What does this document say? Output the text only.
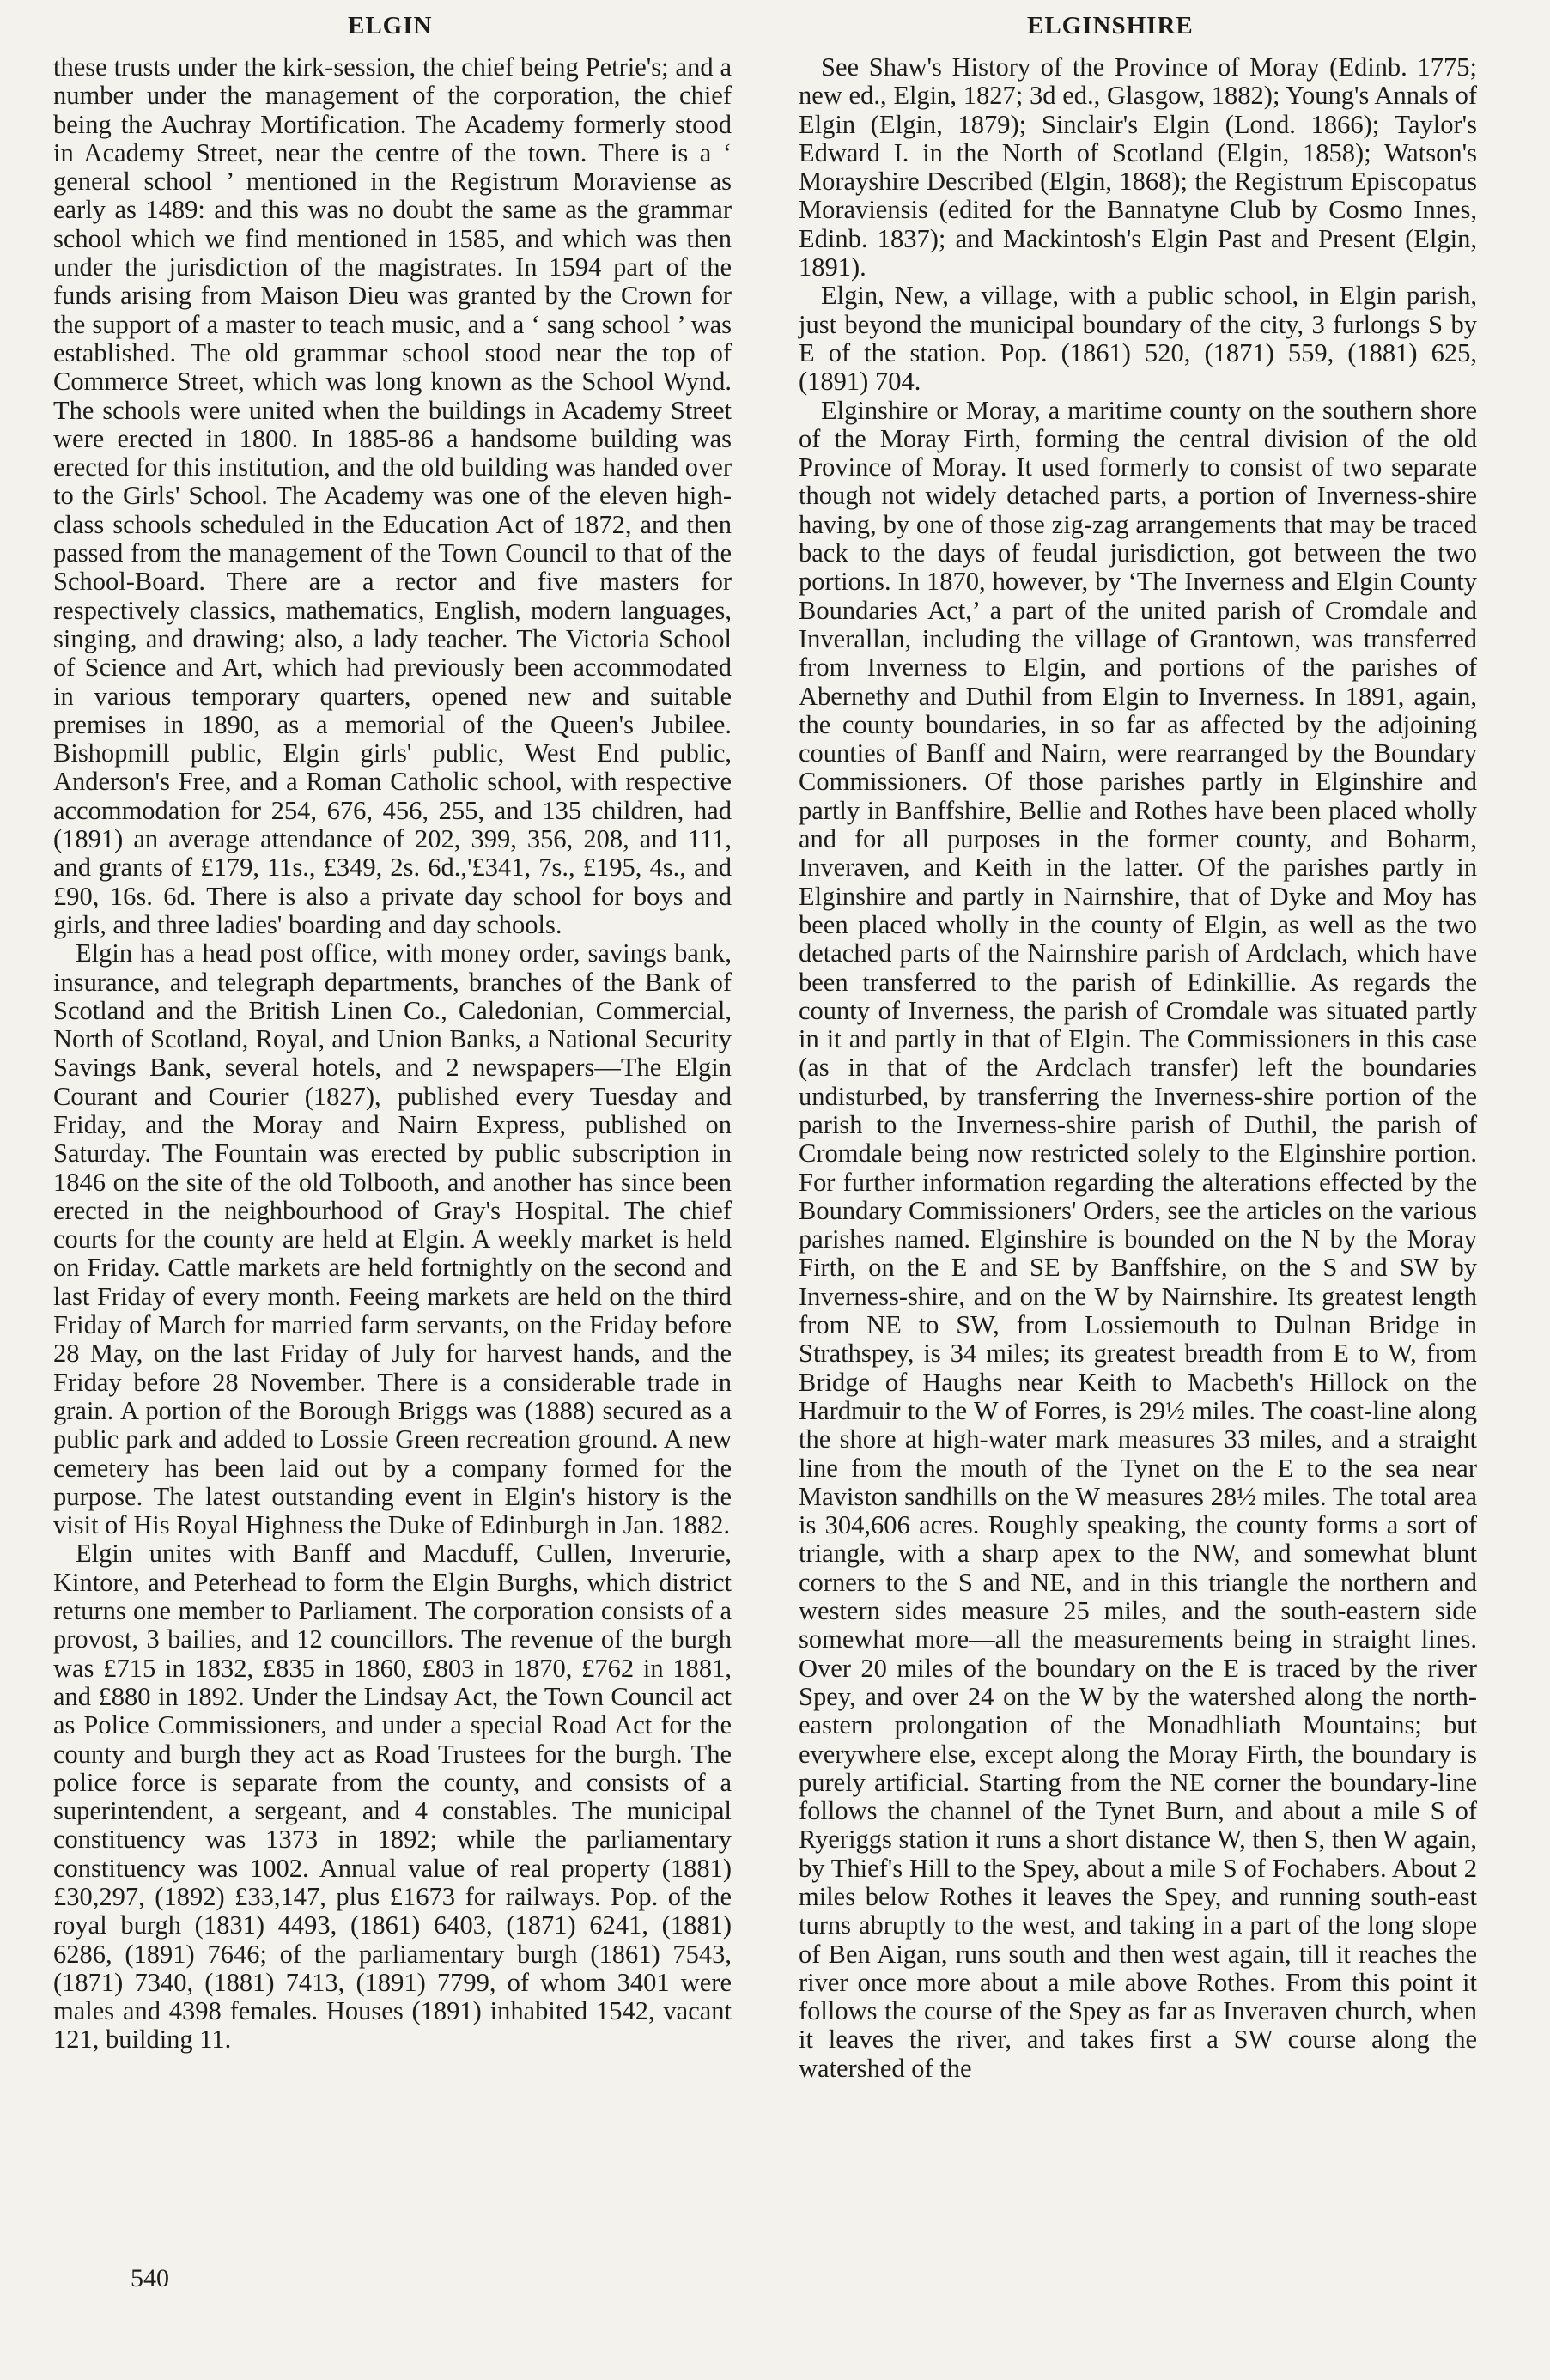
ELGIN	ELGINSHIRE

these trusts under the kirk-session, the chief being Petrie's; and a number under the management of the corporation, the chief being the Auchray Mortification. The Academy formerly stood in Academy Street, near the centre of the town. There is a ‘ general school ’ mentioned in the Registrum Moraviense as early as 1489: and this was no doubt the same as the grammar school which we find mentioned in 1585, and which was then under the jurisdiction of the magistrates. In 1594 part of the funds arising from Maison Dieu was granted by the Crown for the support of a master to teach music, and a ‘ sang school ’ was established. The old grammar school stood near the top of Commerce Street, which was long known as the School Wynd. The schools were united when the buildings in Academy Street were erected in 1800. In 1885-86 a handsome building was erected for this institution, and the old building was handed over to the Girls' School. The Academy was one of the eleven high-class schools scheduled in the Education Act of 1872, and then passed from the management of the Town Council to that of the School-Board. There are a rector and five masters for respectively classics, mathematics, English, modern languages, singing, and drawing; also, a lady teacher. The Victoria School of Science and Art, which had previously been accommodated in various temporary quarters, opened new and suitable premises in 1890, as a memorial of the Queen's Jubilee. Bishopmill public, Elgin girls' public, West End public, Anderson's Free, and a Roman Catholic school, with respective accommodation for 254, 676, 456, 255, and 135 children, had (1891) an average attendance of 202, 399, 356, 208, and 111, and grants of £179, 11s., £349, 2s. 6d.,'£341, 7s., £195, 4s., and £90, 16s. 6d. There is also a private day school for boys and girls, and three ladies' boarding and day schools.

Elgin has a head post office, with money order, savings bank, insurance, and telegraph departments, branches of the Bank of Scotland and the British Linen Co., Caledonian, Commercial, North of Scotland, Royal, and Union Banks, a National Security Savings Bank, several hotels, and 2 newspapers—The Elgin Courant and Courier (1827), published every Tuesday and Friday, and the Moray and Nairn Express, published on Saturday. The Fountain was erected by public subscription in 1846 on the site of the old Tolbooth, and another has since been erected in the neighbourhood of Gray's Hospital. The chief courts for the county are held at Elgin. A weekly market is held on Friday. Cattle markets are held fortnightly on the second and last Friday of every month. Feeing markets are held on the third Friday of March for married farm servants, on the Friday before 28 May, on the last Friday of July for harvest hands, and the Friday before 28 November. There is a considerable trade in grain. A portion of the Borough Briggs was (1888) secured as a public park and added to Lossie Green recreation ground. A new cemetery has been laid out by a company formed for the purpose. The latest outstanding event in Elgin's history is the visit of His Royal Highness the Duke of Edinburgh in Jan. 1882.

Elgin unites with Banff and Macduff, Cullen, Inverurie, Kintore, and Peterhead to form the Elgin Burghs, which district returns one member to Parliament. The corporation consists of a provost, 3 bailies, and 12 councillors. The revenue of the burgh was £715 in 1832, £835 in 1860, £803 in 1870, £762 in 1881, and £880 in 1892. Under the Lindsay Act, the Town Council act as Police Commissioners, and under a special Road Act for the county and burgh they act as Road Trustees for the burgh. The police force is separate from the county, and consists of a superintendent, a sergeant, and 4 constables. The municipal constituency was 1373 in 1892; while the parliamentary constituency was 1002. Annual value of real property (1881) £30,297, (1892) £33,147, plus £1673 for railways. Pop. of the royal burgh (1831) 4493, (1861) 6403, (1871) 6241, (1881) 6286, (1891) 7646; of the parliamentary burgh (1861) 7543, (1871) 7340, (1881) 7413, (1891) 7799, of whom 3401 were males and 4398 females. Houses (1891) inhabited 1542, vacant 121, building 11.

See Shaw's History of the Province of Moray (Edinb. 1775; new ed., Elgin, 1827; 3d ed., Glasgow, 1882); Young's Annals of Elgin (Elgin, 1879); Sinclair's Elgin (Lond. 1866); Taylor's Edward I. in the North of Scotland (Elgin, 1858); Watson's Morayshire Described (Elgin, 1868); the Registrum Episcopatus Moraviensis (edited for the Bannatyne Club by Cosmo Innes, Edinb. 1837); and Mackintosh's Elgin Past and Present (Elgin, 1891).

Elgin, New, a village, with a public school, in Elgin parish, just beyond the municipal boundary of the city, 3 furlongs S by E of the station. Pop. (1861) 520, (1871) 559, (1881) 625, (1891) 704.

Elginshire or Moray, a maritime county on the southern shore of the Moray Firth, forming the central division of the old Province of Moray. It used formerly to consist of two separate though not widely detached parts, a portion of Inverness-shire having, by one of those zig-zag arrangements that may be traced back to the days of feudal jurisdiction, got between the two portions. In 1870, however, by ‘The Inverness and Elgin County Boundaries Act,’ a part of the united parish of Cromdale and Inverallan, including the village of Grantown, was transferred from Inverness to Elgin, and portions of the parishes of Abernethy and Duthil from Elgin to Inverness. In 1891, again, the county boundaries, in so far as affected by the adjoining counties of Banff and Nairn, were rearranged by the Boundary Commissioners. Of those parishes partly in Elginshire and partly in Banffshire, Bellie and Rothes have been placed wholly and for all purposes in the former county, and Boharm, Inveraven, and Keith in the latter. Of the parishes partly in Elginshire and partly in Nairnshire, that of Dyke and Moy has been placed wholly in the county of Elgin, as well as the two detached parts of the Nairnshire parish of Ardclach, which have been transferred to the parish of Edinkillie. As regards the county of Inverness, the parish of Cromdale was situated partly in it and partly in that of Elgin. The Commissioners in this case (as in that of the Ardclach transfer) left the boundaries undisturbed, by transferring the Inverness-shire portion of the parish to the Inverness-shire parish of Duthil, the parish of Cromdale being now restricted solely to the Elginshire portion. For further information regarding the alterations effected by the Boundary Commissioners' Orders, see the articles on the various parishes named. Elginshire is bounded on the N by the Moray Firth, on the E and SE by Banffshire, on the S and SW by Inverness-shire, and on the W by Nairnshire. Its greatest length from NE to SW, from Lossiemouth to Dulnan Bridge in Strathspey, is 34 miles; its greatest breadth from E to W, from Bridge of Haughs near Keith to Macbeth's Hillock on the Hardmuir to the W of Forres, is 29½ miles. The coast-line along the shore at high-water mark measures 33 miles, and a straight line from the mouth of the Tynet on the E to the sea near Maviston sandhills on the W measures 28½ miles. The total area is 304,606 acres. Roughly speaking, the county forms a sort of triangle, with a sharp apex to the NW, and somewhat blunt corners to the S and NE, and in this triangle the northern and western sides measure 25 miles, and the south-eastern side somewhat more—all the measurements being in straight lines. Over 20 miles of the boundary on the E is traced by the river Spey, and over 24 on the W by the watershed along the north-eastern prolongation of the Monadhliath Mountains; but everywhere else, except along the Moray Firth, the boundary is purely artificial. Starting from the NE corner the boundary-line follows the channel of the Tynet Burn, and about a mile S of Ryeriggs station it runs a short distance W, then S, then W again, by Thief's Hill to the Spey, about a mile S of Fochabers. About 2 miles below Rothes it leaves the Spey, and running south-east turns abruptly to the west, and taking in a part of the long slope of Ben Aigan, runs south and then west again, till it reaches the river once more about a mile above Rothes. From this point it follows the course of the Spey as far as Inveraven church, when it leaves the river, and takes first a SW course along the watershed of the

540
